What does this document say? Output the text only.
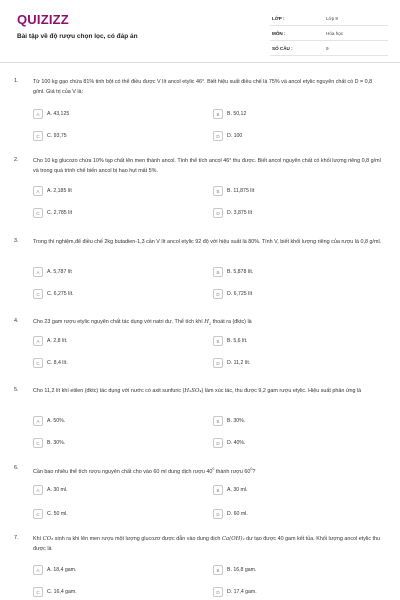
QUIZIZZ
Bài tập về độ rượu chọn lọc, có đáp án
LỚP :	Lớp 9
MÔN :	Hóa học
SỐ CÂU :	9
1.	Từ 100 kg gạo chứa 81% tinh bột có thể điều được V lít ancol etylic 46°. Biết hiệu suất điều chế là 75% và ancol etylic nguyên chất có D = 0,8 g/ml. Giá trị của V là:
A	A. 43,125	B	B. 50,12
C	C. 93,75	D	D. 100
2.	Cho 10 kg glucozo chứa 10% tạp chất lên men thành ancol. Tính thể tích ancol 46° thu được. Biết ancol nguyên chất có khối lượng riêng 0,8 g/ml và trong quá trình chế biến ancol bị hao hụt mất 5%.
A	A. 2,185 lít	B	B. 11,875 lít
C	C. 2,785 lít	D	D. 3,875 lít
3.	Trong thí nghiệm,để điều chế 2kg butadien-1,3 cần V lít ancol etylic 92 độ với hiệu suất là 80%. Tính V, biết khối lượng riêng của rượu là 0,8 g/ml.
A	A. 5,787 lít	B	B. 5,878 lít.
C	C. 6,275 lít.	D	D. 6,725 lít
4.	Cho 23 gam rượu etylic nguyên chất tác dụng với natri dư. Thể tích khí $H_2$ thoát ra (đktc) là
A	A. 2,8 lít.	B	B. 5,6 lít.
C	C. 8,4 lít.	D	D. 11,2 lít.
5.	Cho 11,2 lít khí etilen (đktc) tác dụng với nước có axit sunfuric (H₂SO₄) làm xúc tác, thu được 9,2 gam rượu etylic. Hiệu suất phản ứng là
A	A. 50%.	B	B. 30%.
C	B. 30%.	D	D. 40%.
6.
Cần bao nhiêu thể tích rượu nguyên chất cho vào 60 ml dung dịch rượu $40^0$ thành rượu $60^0$?
A	A. 30 ml.	B	A. 30 ml.
C	C. 50 ml.	D	D. 60 ml.
7.	Khí CO₂ sinh ra khi lên men rượu một lượng glucozơ được dẫn vào dung dịch Ca(OH)₂ dư tạo được 40 gam kết tủa. Khối lượng ancol etylic thu được là
A	A. 18,4 gam.	B	B. 16,8 gam.
C	C. 16,4 gam.	D	D. 17,4 gam.
